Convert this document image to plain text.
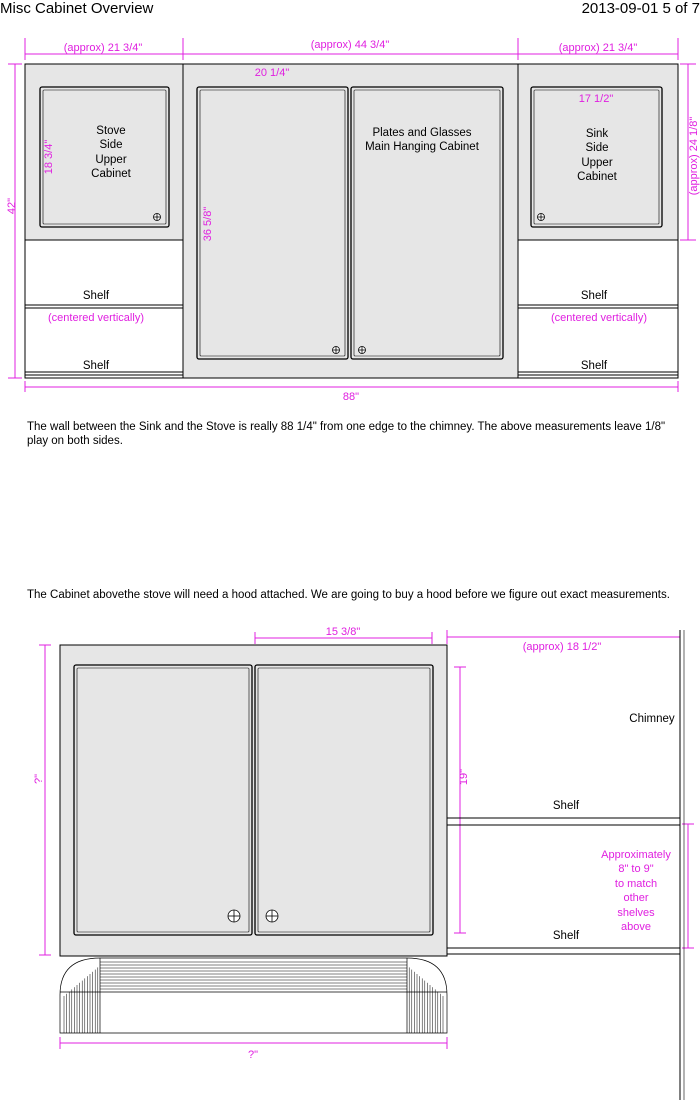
Misc Cabinet Overview	2013-09-01 5 of 7
(approx) 21 3/4"	(approx) 44 3/4"	(approx) 21 3/4"
20 1/4"
17 1/2"
18 3/4"
36 5/8"
42"
(approx) 24 1/8"
88"
(centered vertically)	(centered vertically)
Stove
Side
Upper
Cabinet
Plates and Glasses
Main Hanging Cabinet
Sink
Side
Upper
Cabinet
Shelf
Shelf
Shelf
Shelf
15 3/8"
(approx) 18 1/2"
?"	19"
?"
Chimney
Shelf
Shelf
Approximately
8" to 9"
to match
other
shelves
above
The wall between the Sink and the Stove is really 88 1/4" from one edge to the chimney. The above measurements leave 1/8" play on both sides.
The Cabinet abovethe stove will need a hood attached. We are going to buy a hood before we figure out exact measurements.
